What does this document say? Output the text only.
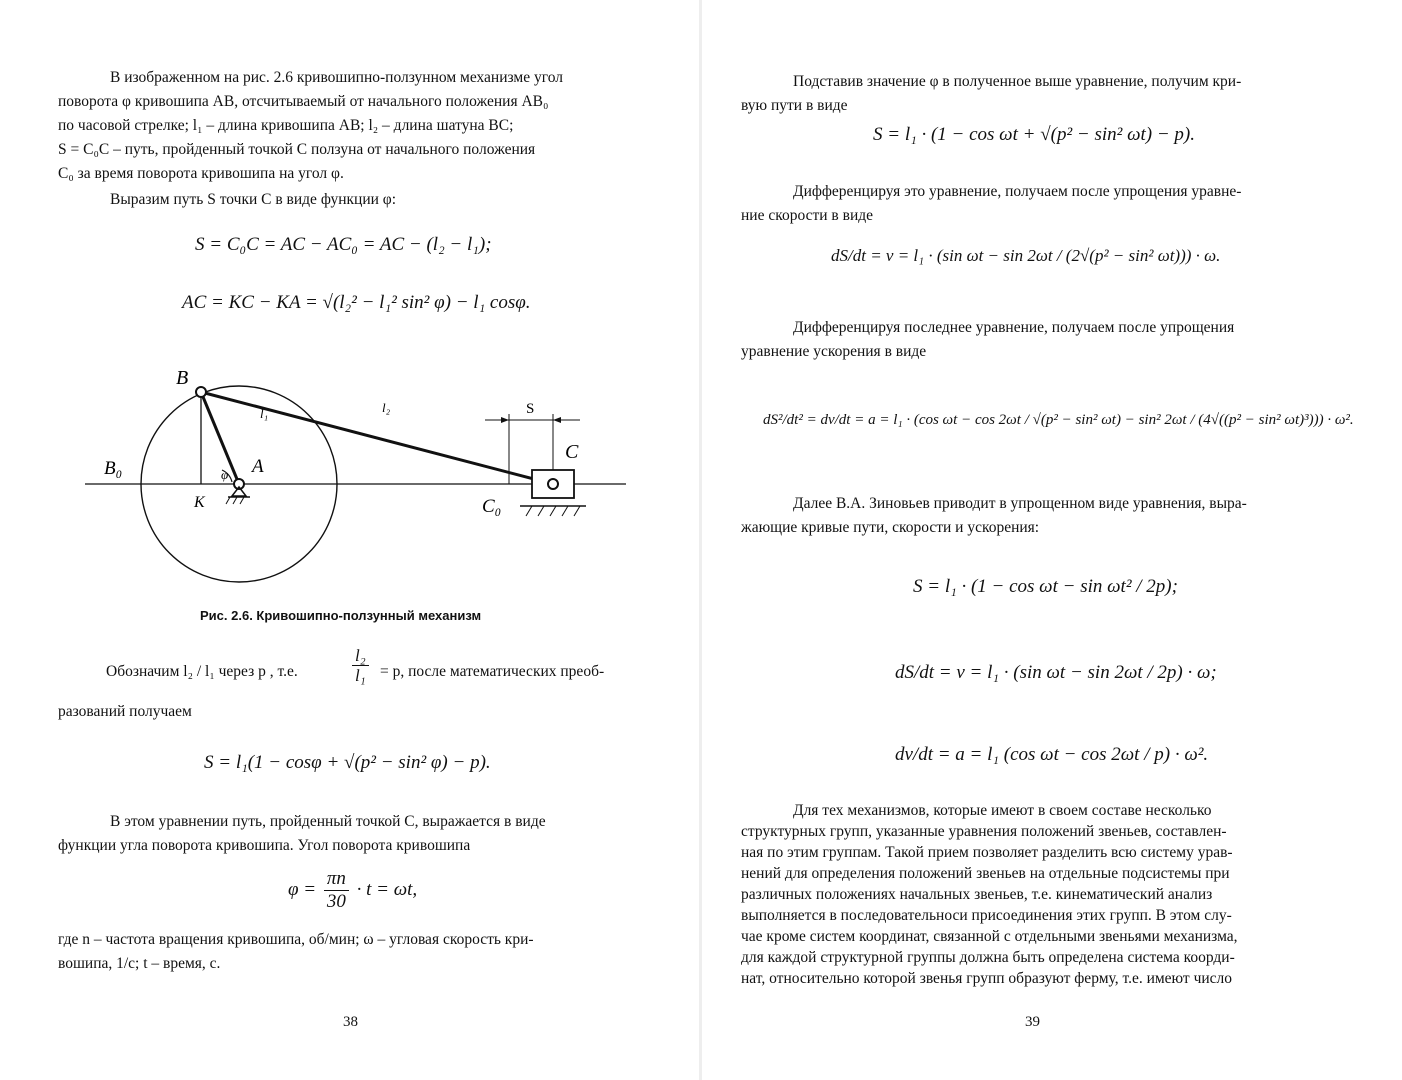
В изображенном на рис. 2.6 кривошипно-ползунном механизме угол
поворота φ кривошипа AB, отсчитываемый от начального положения AB₀
по часовой стрелке; l₁ – длина кривошипа AB; l₂ – длина шатуна BC;
S = C₀C – путь, пройденный точкой C ползуна от начального положения
C₀ за время поворота кривошипа на угол φ.
Выразим путь S точки С в виде функции φ:
S = C₀C = AC − AC₀ = AC − (l₂ − l₁);
AC = KC − KA = √(l₂² − l₁² sin² φ) − l₁ cosφ.
B
l₁	l₂	S
C
B₀	φ A
K	C₀
Рис. 2.6. Кривошипно-ползунный механизм
Обозначим l₂ / l₁ через p , т.е.	$\frac{\text{l₂}}{\text{l₁}} = p$, после математических преоб-
разований получаем
S = l₁(1 − cosφ + √(p² − sin² φ) − p).
В этом уравнении путь, пройденный точкой C, выражается в виде
функции угла поворота кривошипа. Угол поворота кривошипа
$\varphi = \frac{\pi n}{30} \cdot t = \omega t$,
где n – частота вращения кривошипа, об/мин; ω – угловая скорость кри-
вошипа, 1/с; t – время, с.
38
Подставив значение φ в полученное выше уравнение, получим кри-
вую пути в виде
S = l₁ · (1 − cos ωt + √(p² − sin² ωt) − p).
Дифференцируя это уравнение, получаем после упрощения уравне-
ние скорости в виде
dS/dt = v = l₁ · (sin ωt − sin 2ωt / (2√(p² − sin² ωt))) · ω.
Дифференцируя последнее уравнение, получаем после упрощения
уравнение ускорения в виде
dS²/dt² = dv/dt = a = l₁ · (cos ωt − cos 2ωt / √(p² − sin² ωt) − sin² 2ωt / (4√((p² − sin² ωt)³))) · ω².
Далее В.А. Зиновьев приводит в упрощенном виде уравнения, выра-
жающие кривые пути, скорости и ускорения:
S = l₁ · (1 − cos ωt − sin ωt² / 2p);
dS/dt = v = l₁ · (sin ωt − sin 2ωt / 2p) · ω;
dv/dt = a = l₁ (cos ωt − cos 2ωt / p) · ω².
Для тех механизмов, которые имеют в своем составе несколько
структурных групп, указанные уравнения положений звеньев, составлен-
ная по этим группам. Такой прием позволяет разделить всю систему урав-
нений для определения положений звеньев на отдельные подсистемы при
различных положениях начальных звеньев, т.е. кинематический анализ
выполняется в последовательноси присоединения этих групп. В этом слу-
чае кроме систем координат, связанной с отдельными звеньями механизма,
для каждой структурной группы должна быть определена система коорди-
нат, относительно которой звенья групп образуют ферму, т.е. имеют число
39
